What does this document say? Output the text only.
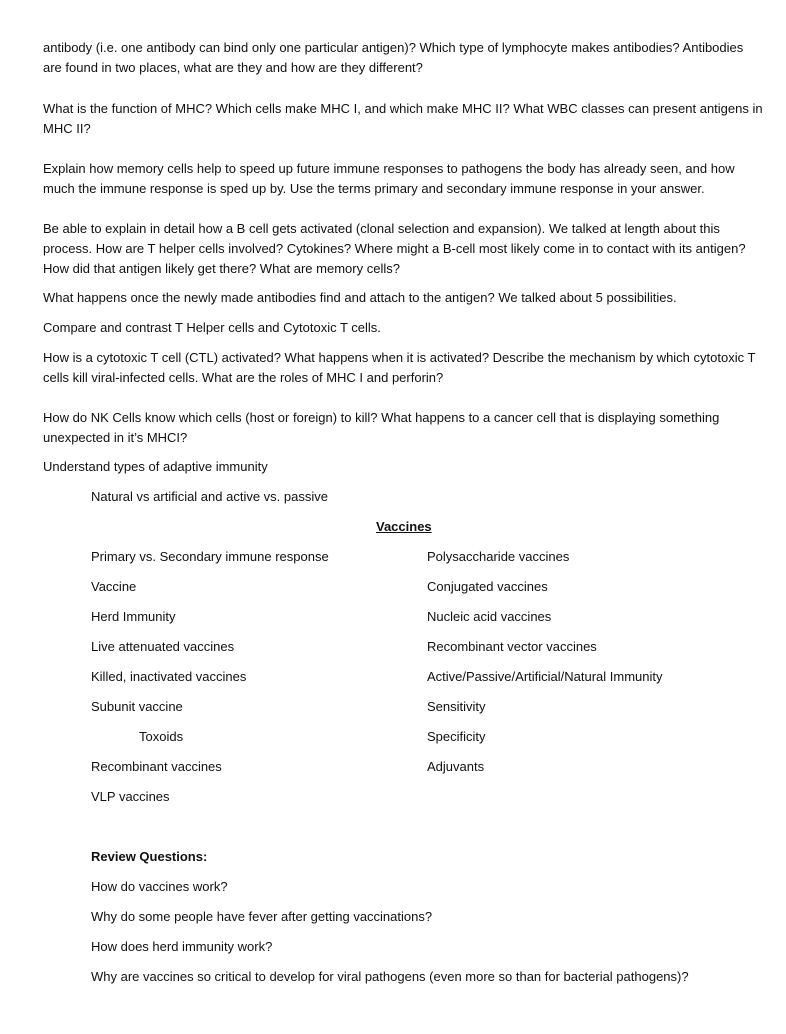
antibody (i.e. one antibody can bind only one particular antigen)? Which type of lymphocyte makes antibodies? Antibodies are found in two places, what are they and how are they different?

What is the function of MHC? Which cells make MHC I, and which make MHC II? What WBC classes can present antigens in MHC II?

Explain how memory cells help to speed up future immune responses to pathogens the body has already seen, and how much the immune response is sped up by. Use the terms primary and secondary immune response in your answer.

Be able to explain in detail how a B cell gets activated (clonal selection and expansion). We talked at length about this process. How are T helper cells involved? Cytokines? Where might a B-cell most likely come in to contact with its antigen? How did that antigen likely get there? What are memory cells?

What happens once the newly made antibodies find and attach to the antigen? We talked about 5 possibilities.

Compare and contrast T Helper cells and Cytotoxic T cells.

How is a cytotoxic T cell (CTL) activated? What happens when it is activated? Describe the mechanism by which cytotoxic T cells kill viral-infected cells. What are the roles of MHC I and perforin?

How do NK Cells know which cells (host or foreign) to kill? What happens to a cancer cell that is displaying something unexpected in it’s MHCI?

Understand types of adaptive immunity

Natural vs artificial and active vs. passive
Vaccines
Primary vs. Secondary immune response
Vaccine
Herd Immunity
Live attenuated vaccines
Killed, inactivated vaccines
Subunit vaccine
Toxoids
Recombinant vaccines
VLP vaccines
Polysaccharide vaccines
Conjugated vaccines
Nucleic acid vaccines
Recombinant vector vaccines
Active/Passive/Artificial/Natural Immunity
Sensitivity
Specificity
Adjuvants
Review Questions:
How do vaccines work?
Why do some people have fever after getting vaccinations?
How does herd immunity work?
Why are vaccines so critical to develop for viral pathogens (even more so than for bacterial pathogens)?
